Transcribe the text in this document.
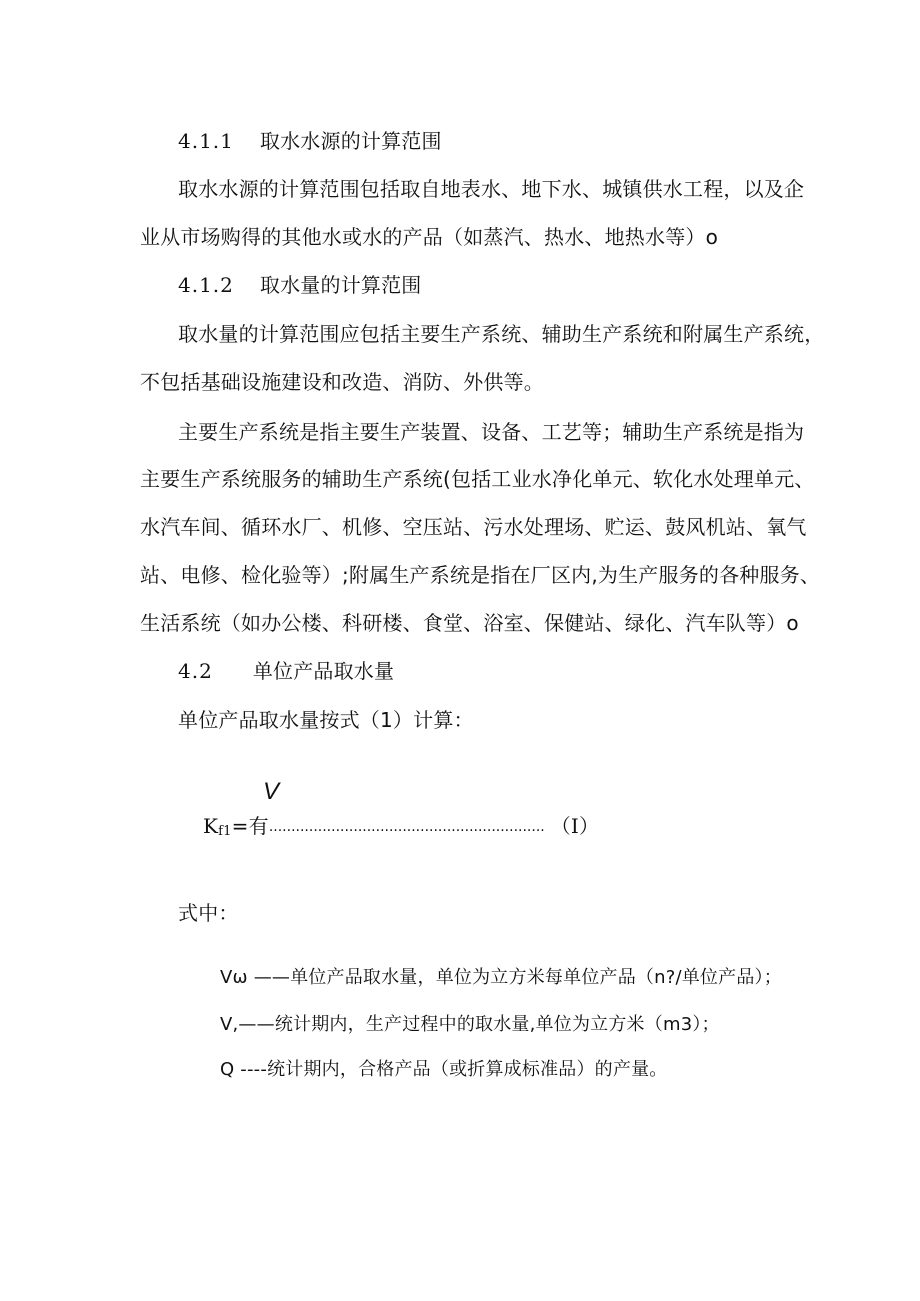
4.1.1 取水水源的计算范围
取水水源的计算范围包括取自地表水、地下水、城镇供水工程，以及企
业从市场购得的其他水或水的产品（如蒸汽、热水、地热水等）o
4.1.2 取水量的计算范围
取水量的计算范围应包括主要生产系统、辅助生产系统和附属生产系统，
不包括基础设施建设和改造、消防、外供等。
主要生产系统是指主要生产装置、设备、工艺等；辅助生产系统是指为
主要生产系统服务的辅助生产系统(包括工业水净化单元、软化水处理单元、
水汽车间、循环水厂、机修、空压站、污水处理场、贮运、鼓风机站、氧气
站、电修、检化验等）;附属生产系统是指在厂区内,为生产服务的各种服务、
生活系统（如办公楼、科研楼、食堂、浴室、保健站、绿化、汽车队等）o
4.2 单位产品取水量
单位产品取水量按式（1）计算：
V
Kf1=有.............................................................. （I）
式中：
Vω ——单位产品取水量，单位为立方米每单位产品（n?/单位产品）；
V,——统计期内，生产过程中的取水量,单位为立方米（m3）；
Q ----统计期内，合格产品（或折算成标准品）的产量。
